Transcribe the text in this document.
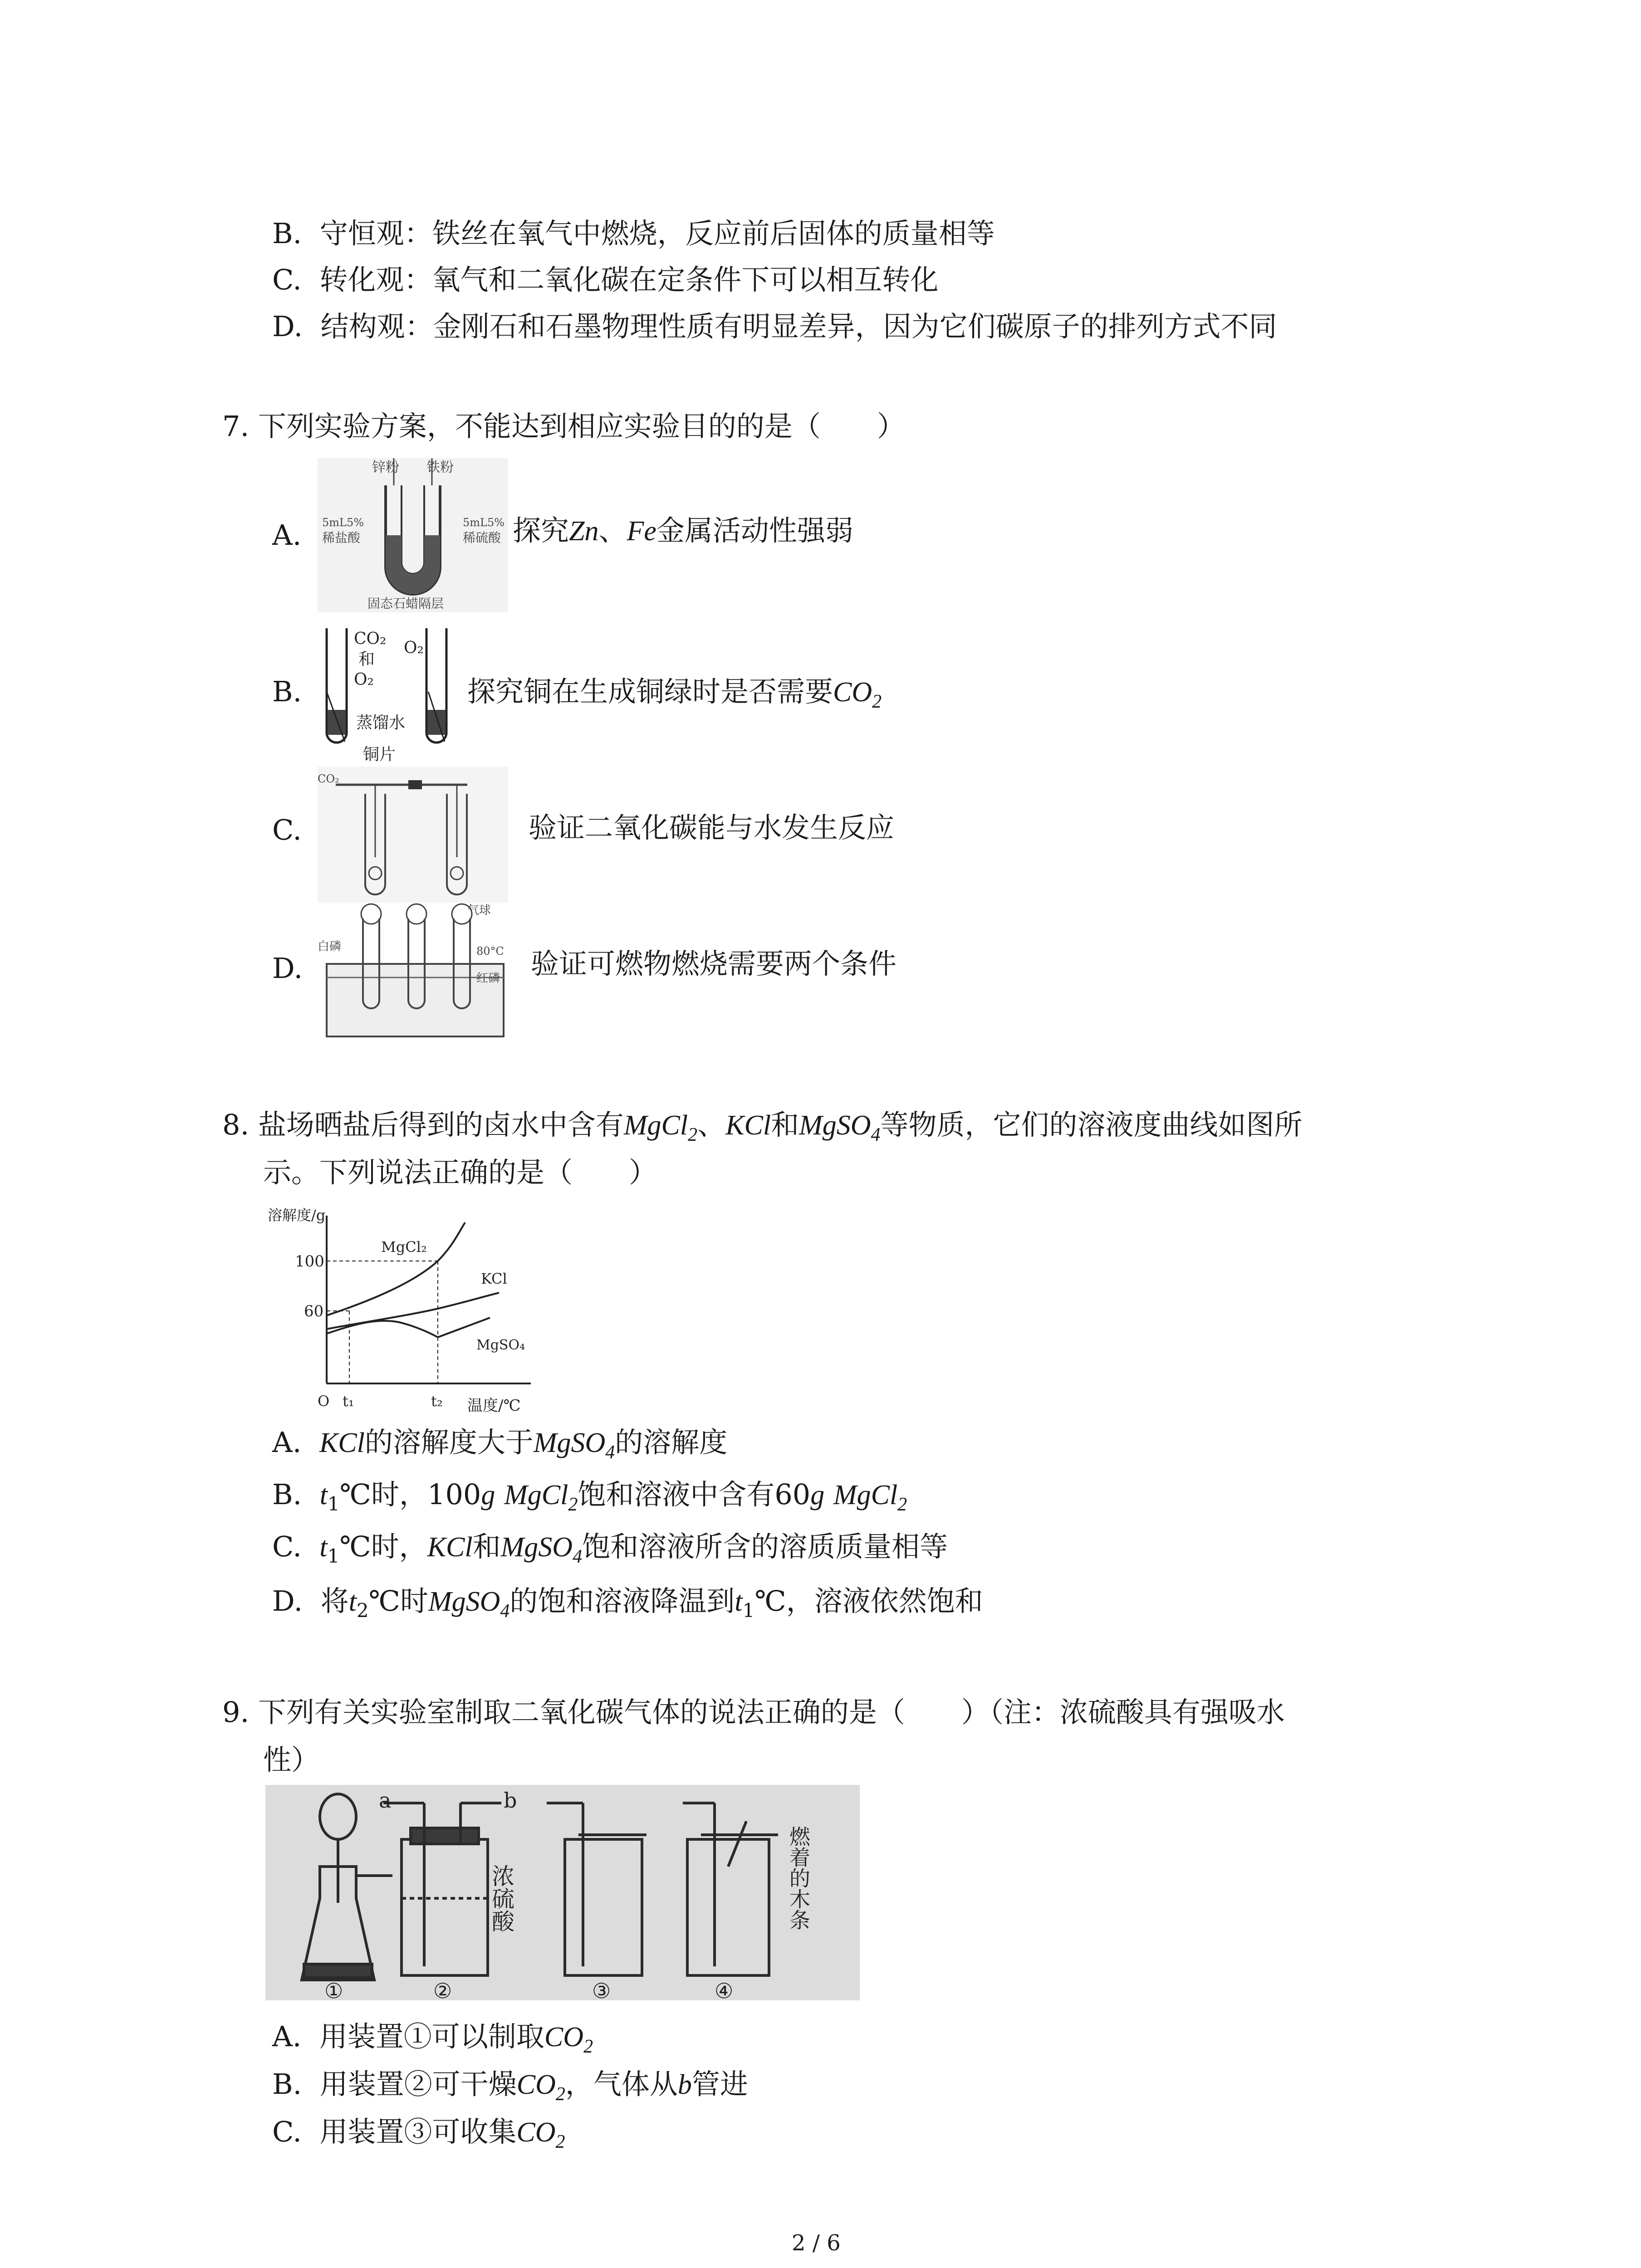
B. 守恒观：铁丝在氧气中燃烧，反应前后固体的质量相等
C. 转化观：氧气和二氧化碳在定条件下可以相互转化
D. 结构观：金刚石和石墨物理性质有明显差异，因为它们碳原子的排列方式不同
7. 下列实验方案，不能达到相应实验目的的是（　　）
A.
锌粉 铁粉
5mL5%
稀盐酸
5mL5%
稀硫酸
固态石蜡隔层
探究Zn、Fe金属活动性强弱
B.
CO₂
和
O₂
O₂
蒸馏水
铜片
探究铜在生成铜绿时是否需要$CO_2$
C.
CO₂
验证二氧化碳能与水发生反应
D.
气球
白磷	80°C
红磷 验证可燃物燃烧需要两个条件
8. 盐场晒盐后得到的卤水中含有MgCl$_2$、KCl和MgSO$_4$等物质，它们的溶液度曲线如图所
示。下列说法正确的是（　　）
溶解度/g
100
60
O t₁	t₂ 温度/℃
MgCl₂
KCl
MgSO₄
A. KCl的溶解度大于MgSO$_4$的溶解度
B. $t_1℃$时，100g MgCl$_2$饱和溶液中含有60g MgCl$_2$
C. $t_1℃$时，KCl和MgSO$_4$饱和溶液所含的溶质质量相等
D. 将$t_2℃$时MgSO$_4$的饱和溶液降温到$t_1℃$，溶液依然饱和
9. 下列有关实验室制取二氧化碳气体的说法正确的是（　　）（注：浓硫酸具有强吸水
性）
a	b
浓硫酸	燃着的木条
①	②	③	④
A. 用装置①可以制取$CO_2$
B. 用装置②可干燥$CO_2$，气体从b管进
C. 用装置③可收集$CO_2$
2 / 6
